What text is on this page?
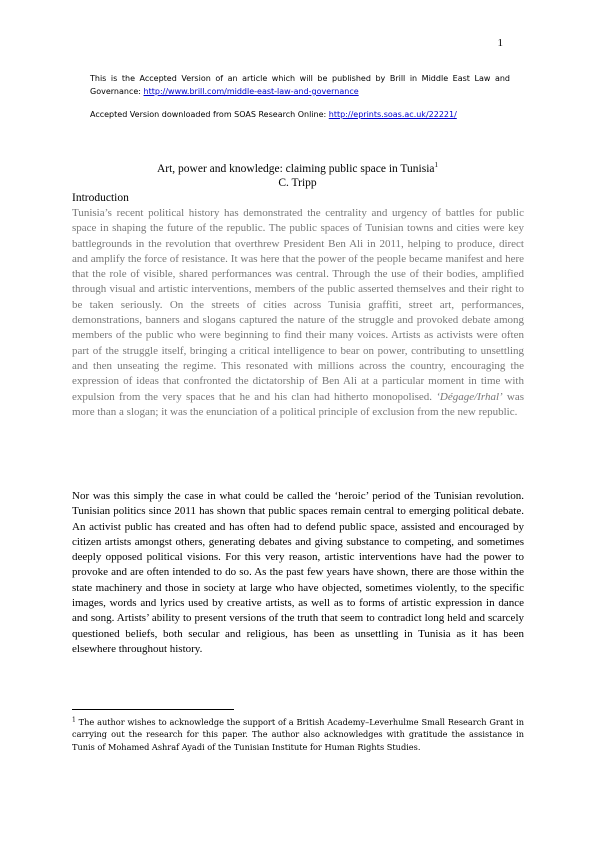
1
This is the Accepted Version of an article which will be published by Brill in Middle East Law and Governance: http://www.brill.com/middle-east-law-and-governance
Accepted Version downloaded from SOAS Research Online: http://eprints.soas.ac.uk/22221/
Art, power and knowledge: claiming public space in Tunisia$^1$
C. Tripp
Introduction

Tunisia’s recent political history has demonstrated the centrality and urgency of battles for public space in shaping the future of the republic. The public spaces of Tunisian towns and cities were key battlegrounds in the revolution that overthrew President Ben Ali in 2011, helping to produce, direct and amplify the force of resistance. It was here that the power of the people became manifest and here that the role of visible, shared performances was central. Through the use of their bodies, amplified through visual and artistic interventions, members of the public asserted themselves and their right to be taken seriously. On the streets of cities across Tunisia graffiti, street art, performances, demonstrations, banners and slogans captured the nature of the struggle and provoked debate among members of the public who were beginning to find their many voices. Artists as activists were often part of the struggle itself, bringing a critical intelligence to bear on power, contributing to unsettling and then unseating the regime. This resonated with millions across the country, encouraging the expression of ideas that confronted the dictatorship of Ben Ali at a particular moment in time with expulsion from the very spaces that he and his clan had hitherto monopolised. ‘Dégage/Irhal’ was more than a slogan; it was the enunciation of a political principle of exclusion from the new republic.

Nor was this simply the case in what could be called the ‘heroic’ period of the Tunisian revolution. Tunisian politics since 2011 has shown that public spaces remain central to emerging political debate. An activist public has created and has often had to defend public space, assisted and encouraged by citizen artists amongst others, generating debates and giving substance to competing, and sometimes deeply opposed political visions. For this very reason, artistic interventions have had the power to provoke and are often intended to do so. As the past few years have shown, there are those within the state machinery and those in society at large who have objected, sometimes violently, to the specific images, words and lyrics used by creative artists, as well as to forms of artistic expression in dance and song. Artists’ ability to present versions of the truth that seem to contradict long held and scarcely questioned beliefs, both secular and religious, has been as unsettling in Tunisia as it has been elsewhere throughout history.

$^1$ The author wishes to acknowledge the support of a British Academy–Leverhulme Small Research Grant in carrying out the research for this paper. The author also acknowledges with gratitude the assistance in Tunis of Mohamed Ashraf Ayadi of the Tunisian Institute for Human Rights Studies.
